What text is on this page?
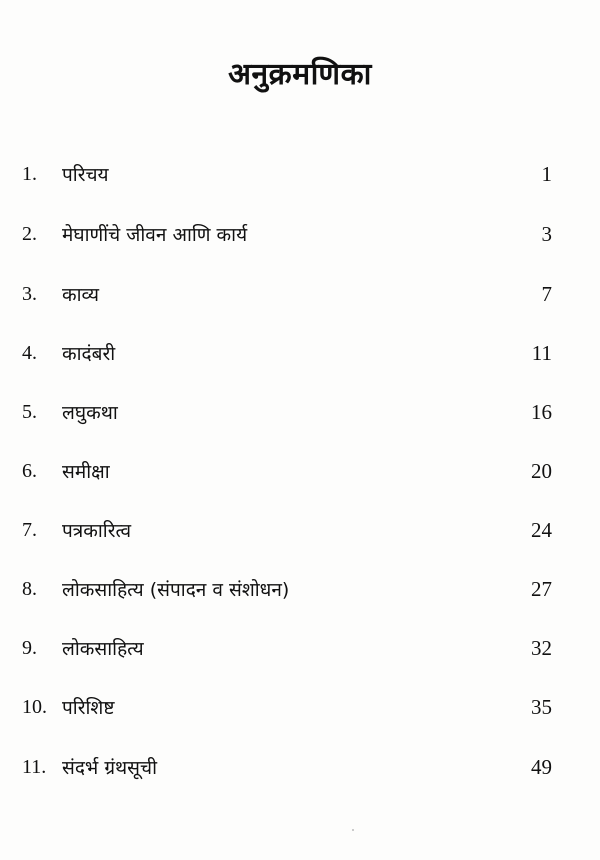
अनुक्रमणिका
1.	परिचय	1
2.	मेघाणींचे जीवन आणि कार्य	3
3.	काव्य	7
4.	कादंबरी	11
5.	लघुकथा	16
6.	समीक्षा	20
7.	पत्रकारित्व	24
8.	लोकसाहित्य (संपादन व संशोधन)	27
9.	लोकसाहित्य	32
10. परिशिष्ट	35
11. संदर्भ ग्रंथसूची	49
